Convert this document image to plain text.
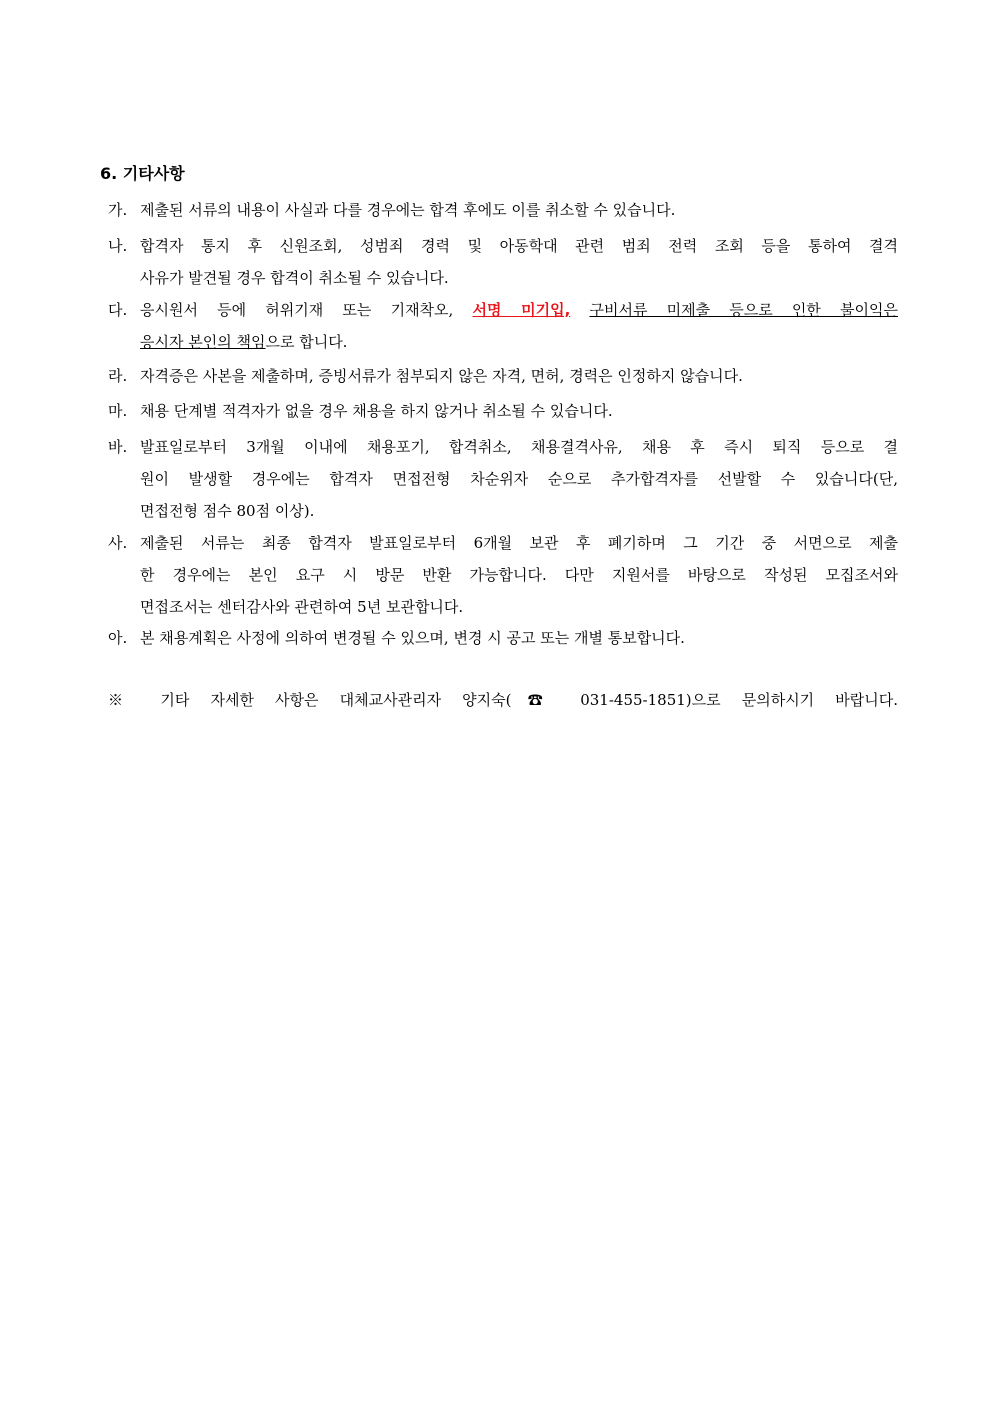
6. 기타사항
가. 제출된 서류의 내용이 사실과 다를 경우에는 합격 후에도 이를 취소할 수 있습니다.
나. 합격자 통지 후 신원조회, 성범죄 경력 및 아동학대 관련 범죄 전력 조회 등을 통하여 결격
사유가 발견될 경우 합격이 취소될 수 있습니다.
다. 응시원서 등에 허위기재 또는 기재착오, 서명 미기입, 구비서류 미제출 등으로 인한 불이익은
응시자 본인의 책임으로 합니다.
라. 자격증은 사본을 제출하며, 증빙서류가 첨부되지 않은 자격, 면허, 경력은 인정하지 않습니다.
마. 채용 단계별 적격자가 없을 경우 채용을 하지 않거나 취소될 수 있습니다.
바. 발표일로부터 3개월 이내에 채용포기, 합격취소, 채용결격사유, 채용 후 즉시 퇴직 등으로 결
원이 발생할 경우에는 합격자 면접전형 차순위자 순으로 추가합격자를 선발할 수 있습니다(단,
면접전형 점수 80점 이상).
사. 제출된 서류는 최종 합격자 발표일로부터 6개월 보관 후 폐기하며 그 기간 중 서면으로 제출
한 경우에는 본인 요구 시 방문 반환 가능합니다. 다만 지원서를 바탕으로 작성된 모집조서와
면접조서는 센터감사와 관련하여 5년 보관합니다.
아. 본 채용계획은 사정에 의하여 변경될 수 있으며, 변경 시 공고 또는 개별 통보합니다.
※ 기타 자세한 사항은 대체교사관리자 양지숙(☎ 031-455-1851)으로 문의하시기 바랍니다.
